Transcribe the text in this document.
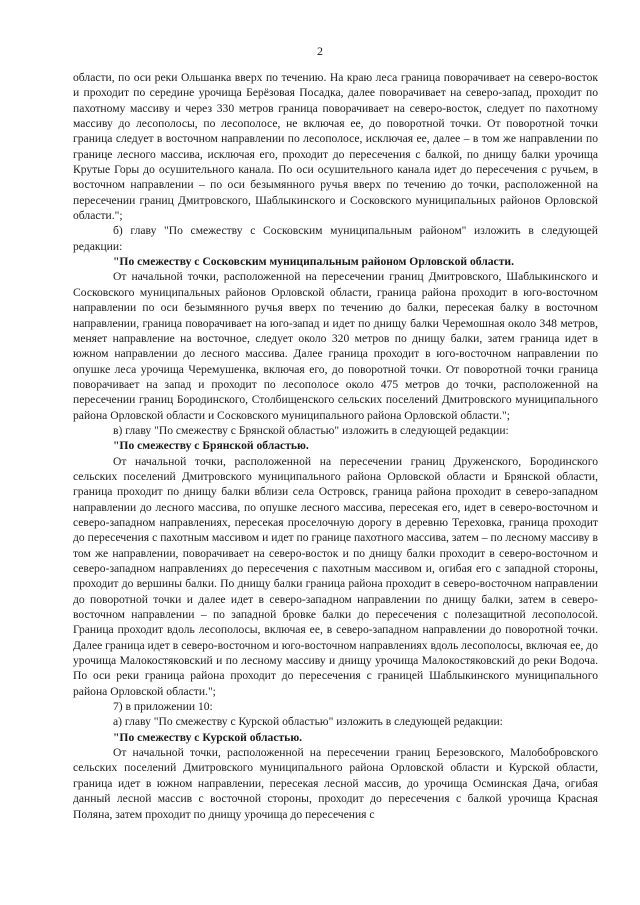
2

области, по оси реки Ольшанка вверх по течению. На краю леса граница поворачивает на северо-восток и проходит по середине урочища Берёзовая Посадка, далее поворачивает на северо-запад, проходит по пахотному массиву и через 330 метров граница поворачивает на северо-восток, следует по пахотному массиву до лесополосы, по лесополосе, не включая ее, до поворотной точки. От поворотной точки граница следует в восточном направлении по лесополосе, исключая ее, далее – в том же направлении по границе лесного массива, исключая его, проходит до пересечения с балкой, по днищу балки урочища Крутые Горы до осушительного канала. По оси осушительного канала идет до пересечения с ручьем, в восточном направлении – по оси безымянного ручья вверх по течению до точки, расположенной на пересечении границ Дмитровского, Шаблыкинского и Сосковского муниципальных районов Орловской области.";

б) главу "По смежеству с Сосковским муниципальным районом" изложить в следующей редакции:

"По смежеству с Сосковским муниципальным районом Орловской области.

От начальной точки, расположенной на пересечении границ Дмитровского, Шаблыкинского и Сосковского муниципальных районов Орловской области, граница района проходит в юго-восточном направлении по оси безымянного ручья вверх по течению до балки, пересекая балку в восточном направлении, граница поворачивает на юго-запад и идет по днищу балки Черемошная около 348 метров, меняет направление на восточное, следует около 320 метров по днищу балки, затем граница идет в южном направлении до лесного массива. Далее граница проходит в юго-восточном направлении по опушке леса урочища Черемушенка, включая его, до поворотной точки. От поворотной точки граница поворачивает на запад и проходит по лесополосе около 475 метров до точки, расположенной на пересечении границ Бородинского, Столбищенского сельских поселений Дмитровского муниципального района Орловской области и Сосковского муниципального района Орловской области.";

в) главу "По смежеству с Брянской областью" изложить в следующей редакции:

"По смежеству с Брянской областью.

От начальной точки, расположенной на пересечении границ Друженского, Бородинского сельских поселений Дмитровского муниципального района Орловской области и Брянской области, граница проходит по днищу балки вблизи села Островск, граница района проходит в северо-западном направлении до лесного массива, по опушке лесного массива, пересекая его, идет в северо-восточном и северо-западном направлениях, пересекая проселочную дорогу в деревню Тереховка, граница проходит до пересечения с пахотным массивом и идет по границе пахотного массива, затем – по лесному массиву в том же направлении, поворачивает на северо-восток и по днищу балки проходит в северо-восточном и северо-западном направлениях до пересечения с пахотным массивом и, огибая его с западной стороны, проходит до вершины балки. По днищу балки граница района проходит в северо-восточном направлении до поворотной точки и далее идет в северо-западном направлении по днищу балки, затем в северо-восточном направлении – по западной бровке балки до пересечения с полезащитной лесополосой. Граница проходит вдоль лесополосы, включая ее, в северо-западном направлении до поворотной точки. Далее граница идет в северо-восточном и юго-восточном направлениях вдоль лесополосы, включая ее, до урочища Малокостяковский и по лесному массиву и днищу урочища Малокостяковский до реки Водоча. По оси реки граница района проходит до пересечения с границей Шаблыкинского муниципального района Орловской области.";

7) в приложении 10:

а) главу "По смежеству с Курской областью" изложить в следующей редакции:

"По смежеству с Курской областью.

От начальной точки, расположенной на пересечении границ Березовского, Малобобровского сельских поселений Дмитровского муниципального района Орловской области и Курской области, граница идет в южном направлении, пересекая лесной массив, до урочища Осминская Дача, огибая данный лесной массив с восточной стороны, проходит до пересечения с балкой урочища Красная Поляна, затем проходит по днищу урочища до пересечения с
